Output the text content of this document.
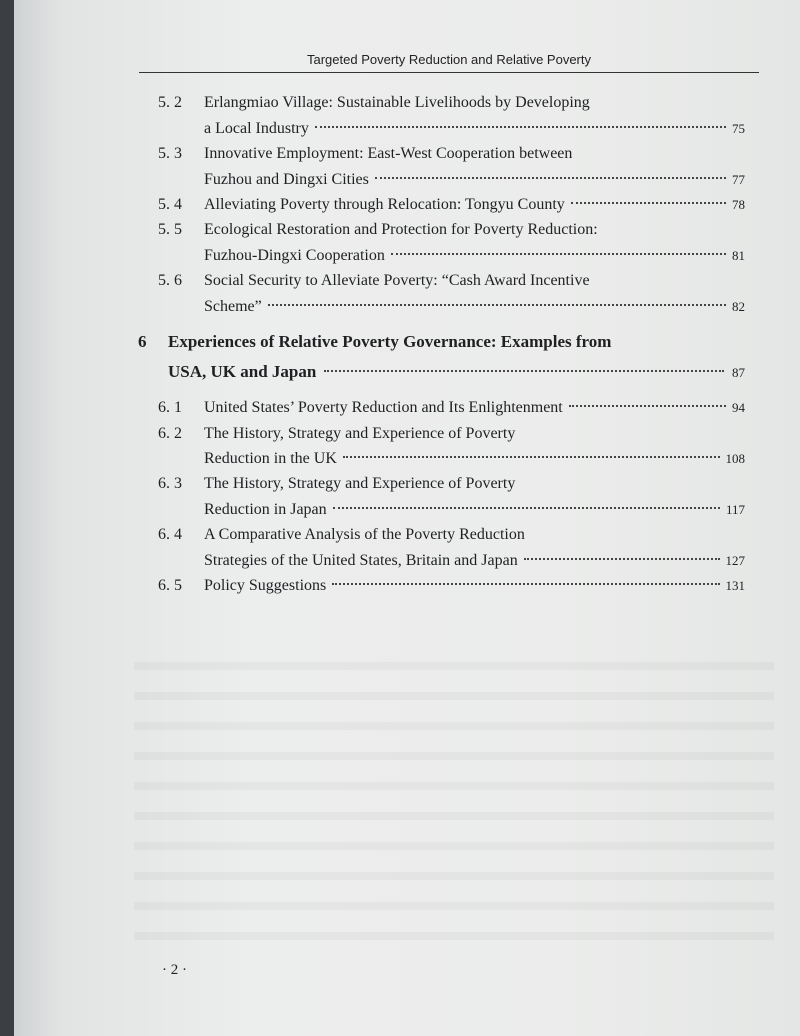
Targeted Poverty Reduction and Relative Poverty
5. 2	Erlangmiao Village: Sustainable Livelihoods by Developing
a Local Industry	75
5. 3	Innovative Employment: East-West Cooperation between
Fuzhou and Dingxi Cities	77
5. 4	Alleviating Poverty through Relocation: Tongyu County	78
5. 5	Ecological Restoration and Protection for Poverty Reduction:
Fuzhou-Dingxi Cooperation	81
5. 6	Social Security to Alleviate Poverty: “Cash Award Incentive
Scheme”	82
6 Experiences of Relative Poverty Governance: Examples from
USA, UK and Japan	87
6. 1	United States’ Poverty Reduction and Its Enlightenment	94
6. 2	The History, Strategy and Experience of Poverty
Reduction in the UK	108
6. 3	The History, Strategy and Experience of Poverty
Reduction in Japan	117
6. 4	A Comparative Analysis of the Poverty Reduction
Strategies of the United States, Britain and Japan	127
6. 5	Policy Suggestions	131
· 2 ·
